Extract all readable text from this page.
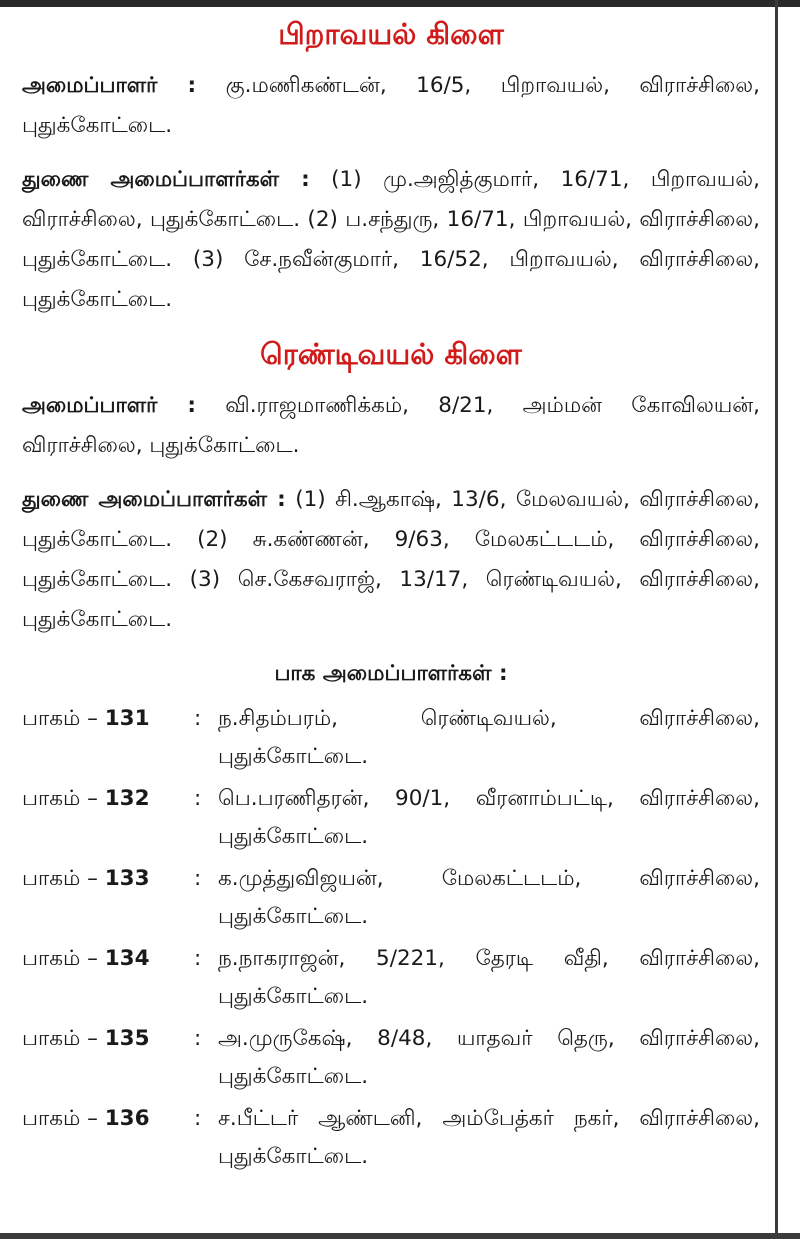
பிறாவயல் கிளை

அமைப்பாளர் : கு.மணிகண்டன், 16/5, பிறாவயல், விராச்சிலை, புதுக்கோட்டை.

துணை அமைப்பாளர்கள் : (1) மு.அஜித்குமார், 16/71, பிறாவயல், விராச்சிலை, புதுக்கோட்டை. (2) ப.சந்துரு, 16/71, பிறாவயல், விராச்சிலை, புதுக்கோட்டை. (3) சே.நவீன்குமார், 16/52, பிறாவயல், விராச்சிலை, புதுக்கோட்டை.

ரெண்டிவயல் கிளை

அமைப்பாளர் : வி.ராஜமாணிக்கம், 8/21, அம்மன் கோவிலயன், விராச்சிலை, புதுக்கோட்டை.

துணை அமைப்பாளர்கள் : (1) சி.ஆகாஷ், 13/6, மேலவயல், விராச்சிலை, புதுக்கோட்டை. (2) சு.கண்ணன், 9/63, மேலகட்டடம், விராச்சிலை, புதுக்கோட்டை. (3) செ.கேசவராஜ், 13/17, ரெண்டிவயல், விராச்சிலை, புதுக்கோட்டை.

பாக அமைப்பாளர்கள் :
பாகம் – 131	: ந.சிதம்பரம், ரெண்டிவயல், விராச்சிலை, புதுக்கோட்டை.
பாகம் – 132	: பெ.பரணிதரன், 90/1, வீரனாம்பட்டி, விராச்சிலை, புதுக்கோட்டை.
பாகம் – 133	: க.முத்துவிஜயன், மேலகட்டடம், விராச்சிலை, புதுக்கோட்டை.
பாகம் – 134	: ந.நாகராஜன், 5/221, தேரடி வீதி, விராச்சிலை, புதுக்கோட்டை.
பாகம் – 135	: அ.முருகேஷ், 8/48, யாதவர் தெரு, விராச்சிலை, புதுக்கோட்டை.
பாகம் – 136	: ச.பீட்டர் ஆண்டனி, அம்பேத்கர் நகர், விராச்சிலை, புதுக்கோட்டை.
